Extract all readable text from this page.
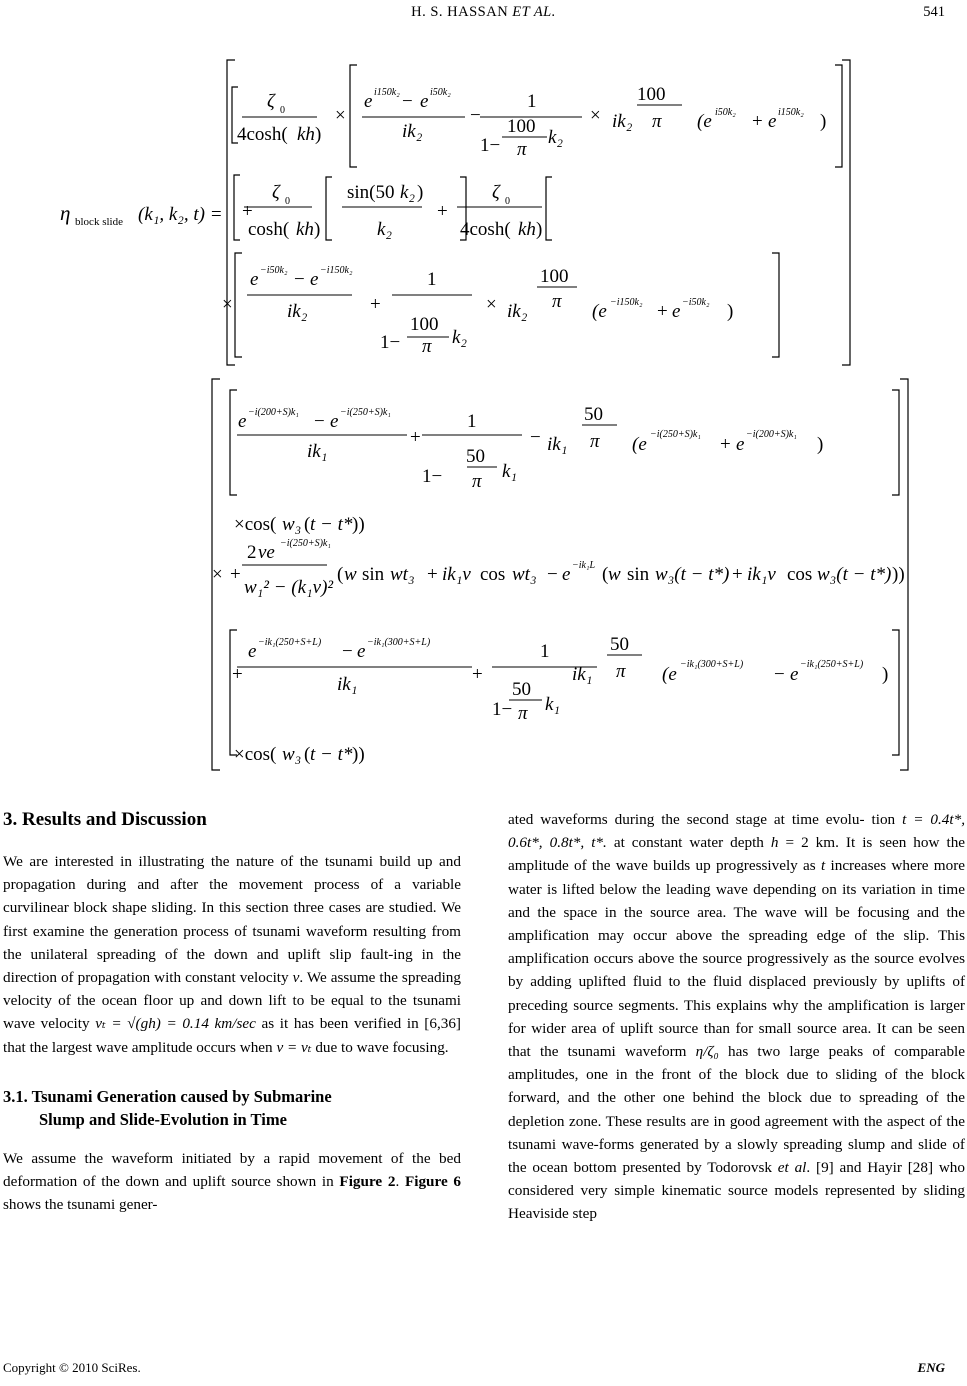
H. S. HASSAN ET AL.	541
η block slide (k₁, k₂, t) =
ζ 0
4cosh( kh )
×
e i150k₂ − e i50k₂
ik₂
−
1
1−
100
π
k₂
× ik₂
100
π (e i50k₂ + e i150k₂ )
+
ζ 0
cosh( kh )
sin(50 k₂ )
k₂
+
ζ 0
4cosh( kh )
×
e −i50k₂ − e −i150k₂
ik₂	+
1
1−
100
π k₂
× ik₂
100
π (e −i150k₂ + e −i50k₂ )
e −i(200+S)k₁ − e −i(250+S)k₁
ik₁
+
1
1−
50
π k₁
− ik₁
50
π (e −i(250+S)k₁ + e −i(200+S)k₁ )
×cos( w₃ ( t − t* ))
× +
2 ve −i(250+S)k₁
w₁² − (k₁v)²
( w sin wt₃ + ik₁v cos wt₃ − e −ik₁L ( w sin w₃(t − t*) + ik₁v cos w₃(t − t*) ))
+
e −ik₁(250+S+L) − e −ik₁(300+S+L)
ik₁	+
1
1−
50
π k₁
ik₁
50
π (e −ik₁(300+S+L) − e −ik₁(250+S+L) )
×cos( w₃ ( t − t* ))
3. Results and Discussion

We are interested in illustrating the nature of the tsunami build up and propagation during and after the movement process of a variable curvilinear block shape sliding. In this section three cases are studied. We first examine the generation process of tsunami waveform resulting from the unilateral spreading of the down and uplift slip fault-ing in the direction of propagation with constant velocity v. We assume the spreading velocity of the ocean floor up and down lift to be equal to the tsunami wave velocity vₜ = √(gh) = 0.14 km/sec as it has been verified in [6,36] that the largest wave amplitude occurs when v = vₜ due to wave focusing.

3.1. Tsunami Generation caused by Submarine
Slump and Slide-Evolution in Time

We assume the waveform initiated by a rapid movement of the bed deformation of the down and uplift source shown in Figure 2. Figure 6 shows the tsunami gener-

ated waveforms during the second stage at time evolu- tion t = 0.4t*, 0.6t*, 0.8t*, t*. at constant water depth h = 2 km. It is seen how the amplitude of the wave builds up progressively as t increases where more water is lifted below the leading wave depending on its variation in time and the space in the source area. The wave will be focusing and the amplification may occur above the spreading edge of the slip. This amplification occurs above the source progressively as the source evolves by adding uplifted fluid to the fluid displaced previously by uplifts of preceding source segments. This explains why the amplification is larger for wider area of uplift source than for small source area. It can be seen that the tsunami waveform η/ζ₀ has two large peaks of comparable amplitudes, one in the front of the block due to sliding of the block forward, and the other one behind the block due to spreading of the depletion zone. These results are in good agreement with the aspect of the tsunami wave-forms generated by a slowly spreading slump and slide of the ocean bottom presented by Todorovsk et al. [9] and Hayir [28] who considered very simple kinematic source models represented by sliding Heaviside step

Copyright © 2010 SciRes.	ENG
